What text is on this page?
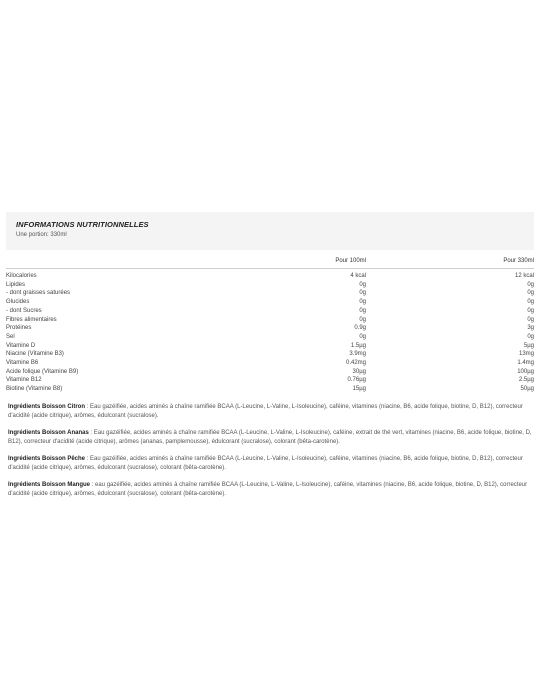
INFORMATIONS NUTRITIONNELLES
Une portion: 330ml
	Pour 100ml	Pour 330ml
Kilocalories	4 kcal	12 kcal
Lipides	0g	0g
- dont graisses saturées	0g	0g
Glucides	0g	0g
- dont Sucres	0g	0g
Fibres alimentaires	0g	0g
Protéines	0.9g	3g
Sel	0g	0g
Vitamine D	1.5µg	5µg
Niacine (Vitamine B3)	3.9mg	13mg
Vitamine B6	0.42mg	1.4mg
Acide folique (Vitamine B9)	30µg	100µg
Vitamine B12	0.76µg	2.5µg
Biotine (Vitamine B8)	15µg	50µg
Ingrédients Boisson Citron : Eau gazéifiée, acides aminés à chaîne ramifiée BCAA (L-Leucine, L-Valine, L-Isoleucine), caféine, vitamines (niacine, B6, acide folique, biotine, D, B12), correcteur d'acidité (acide citrique), arômes, édulcorant (sucralose).
Ingrédients Boisson Ananas : Eau gazéifiée, acides aminés à chaîne ramifiée BCAA (L-Leucine, L-Valine, L-Isoleucine), caféine, extrait de thé vert, vitamines (niacine, B6, acide folique, biotine, D, B12), correcteur d'acidité (acide citrique), arômes (ananas, pamplemousse), édulcorant (sucralose), colorant (bêta-carotène).
Ingrédients Boisson Pêche : Eau gazéifiée, acides aminés à chaîne ramifiée BCAA (L-Leucine, L-Valine, L-Isoleucine), caféine, vitamines (niacine, B6, acide folique, biotine, D, B12), correcteur d'acidité (acide citrique), arômes, édulcorant (sucralose), colorant (bêta-carotène).
Ingrédients Boisson Mangue : eau gazéifiée, acides aminés à chaîne ramifiée BCAA (L-Leucine, L-Valine, L-Isoleucine), caféine, vitamines (niacine, B6, acide folique, biotine, D, B12), correcteur d'acidité (acide citrique), arômes, édulcorant (sucralose), colorant (bêta-carotène).
